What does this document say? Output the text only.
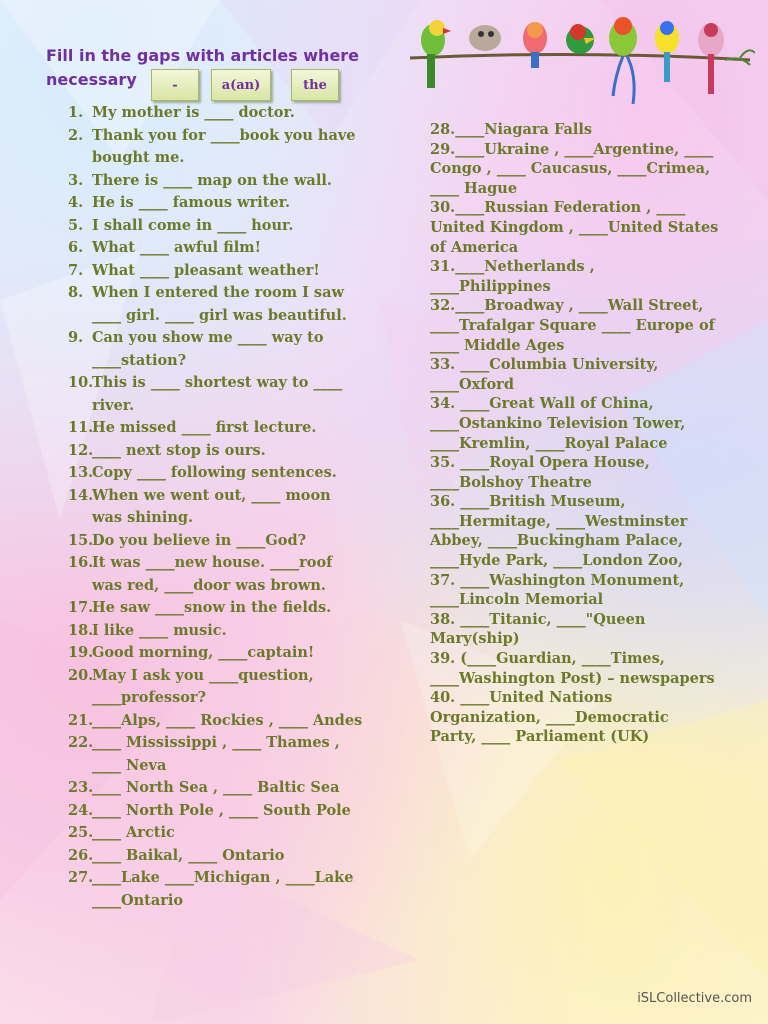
Fill in the gaps with articles where necessary	-	a(an)	the
1. My mother is ____ doctor.
2. Thank you for ____book you have bought me.
3. There is ____ map on the wall.
4. He is ____ famous writer.
5. I shall come in ____ hour.
6. What ____ awful film!
7. What ____ pleasant weather!
8. When I entered the room I saw ____ girl. ____ girl was beautiful.
9. Can you show me ____ way to ____station?
10.
This is ____ shortest way to ____ river.
11.
He missed ____ first lecture.
12.
____ next stop is ours.
13.
Copy ____ following sentences.
14.
When we went out, ____ moon was shining.
15.
Do you believe in ____God?
16.
It was ____new house. ____roof was red, ____door was brown.
17.
He saw ____snow in the fields.
18.
I like ____ music.
19.
Good morning, ____captain!
20.
May I ask you ____question, ____professor?
21.
____Alps, ____ Rockies , ____ Andes
22.
____ Mississippi , ____ Thames , ____ Neva
23.
____ North Sea , ____ Baltic Sea
24.
____ North Pole , ____ South Pole
25.
____ Arctic
26.
____ Baikal, ____ Ontario
27.
____Lake ____Michigan , ____Lake ____Ontario
28.____Niagara Falls
29.____Ukraine , ____Argentine, ____ Congo , ____ Caucasus, ____Crimea, ____ Hague
30.____Russian Federation , ____ United Kingdom , ____United States of America
31.____Netherlands , ____Philippines
32.____Broadway , ____Wall Street, ____Trafalgar Square ____ Europe of ____ Middle Ages
33. ____Columbia University, ____Oxford
34. ____Great Wall of China, ____Ostankino Television Tower, ____Kremlin, ____Royal Palace
35. ____Royal Opera House, ____Bolshoy Theatre
36. ____British Museum, ____Hermitage, ____Westminster Abbey, ____Buckingham Palace, ____Hyde Park, ____London Zoo,
37. ____Washington Monument, ____Lincoln Memorial
38. ____Titanic, ____"Queen Mary(ship)
39. (____Guardian, ____Times, ____Washington Post) – newspapers
40. ____United Nations Organization, ____Democratic Party, ____ Parliament (UK)
iSLCollective.com
